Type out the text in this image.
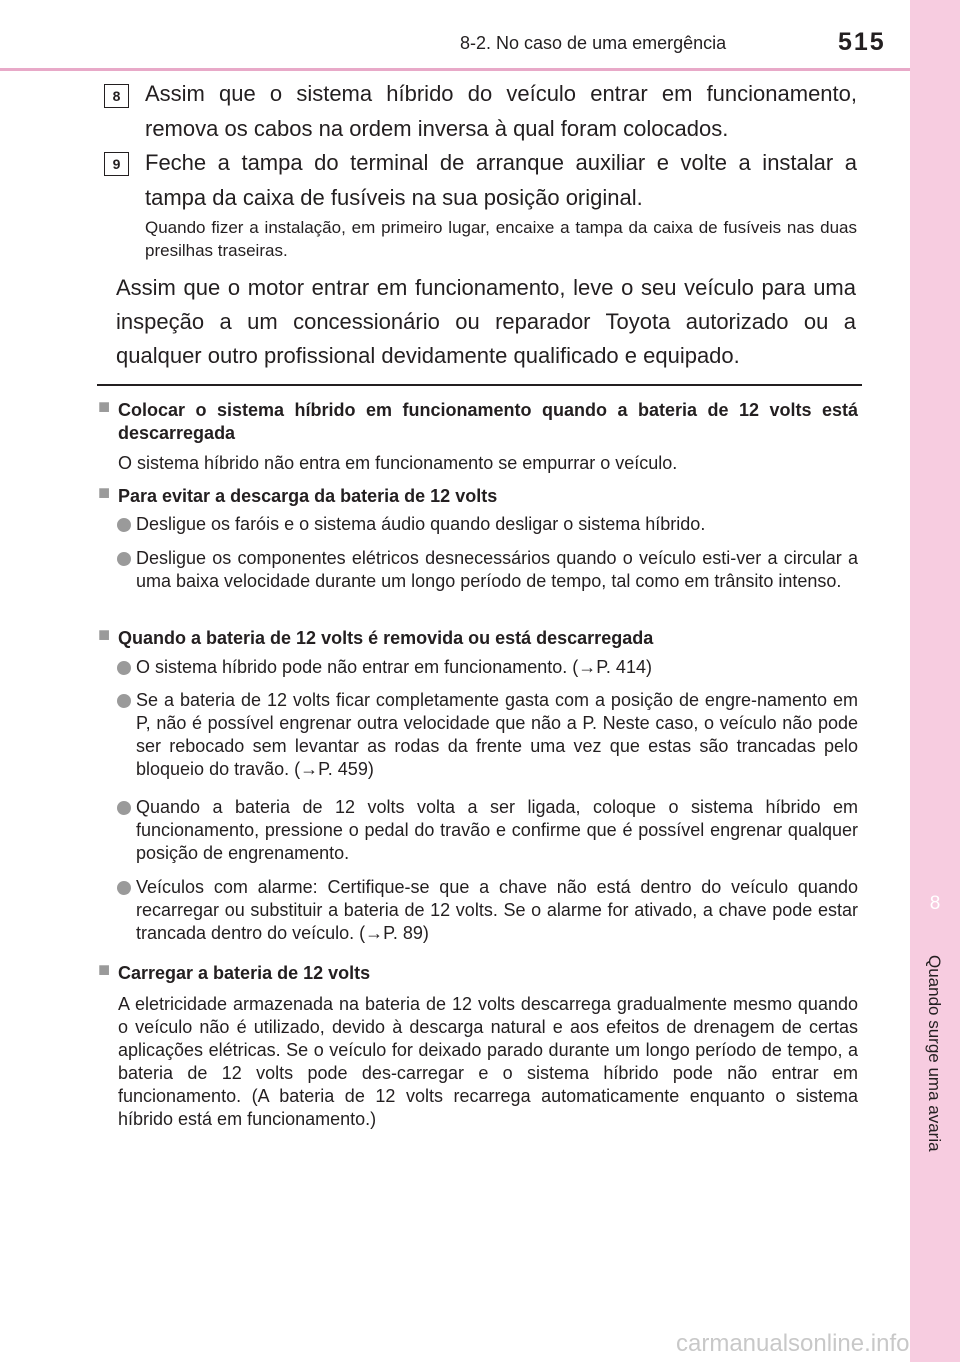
8
Quando surge uma avaria
8-2. No caso de uma emergência	515
8	Assim que o sistema híbrido do veículo entrar em funcionamento, remova os cabos na ordem inversa à qual foram colocados.
9	Feche a tampa do terminal de arranque auxiliar e volte a instalar a tampa da caixa de fusíveis na sua posição original.
Quando fizer a instalação, em primeiro lugar, encaixe a tampa da caixa de fusíveis nas duas presilhas traseiras.
Assim que o motor entrar em funcionamento, leve o seu veículo para uma inspeção a um concessionário ou reparador Toyota autorizado ou a qualquer outro profissional devidamente qualificado e equipado.
■ Colocar o sistema híbrido em funcionamento quando a bateria de 12 volts está descarregada
O sistema híbrido não entra em funcionamento se empurrar o veículo.
■ Para evitar a descarga da bateria de 12 volts
Desligue os faróis e o sistema áudio quando desligar o sistema híbrido.
Desligue os componentes elétricos desnecessários quando o veículo esti-ver a circular a uma baixa velocidade durante um longo período de tempo, tal como em trânsito intenso.
■ Quando a bateria de 12 volts é removida ou está descarregada
O sistema híbrido pode não entrar em funcionamento. (→P. 414)
Se a bateria de 12 volts ficar completamente gasta com a posição de engre-namento em P, não é possível engrenar outra velocidade que não a P. Neste caso, o veículo não pode ser rebocado sem levantar as rodas da frente uma vez que estas são trancadas pelo bloqueio do travão. (→P. 459)
Quando a bateria de 12 volts volta a ser ligada, coloque o sistema híbrido em funcionamento, pressione o pedal do travão e confirme que é possível engrenar qualquer posição de engrenamento.
Veículos com alarme: Certifique-se que a chave não está dentro do veículo quando recarregar ou substituir a bateria de 12 volts. Se o alarme for ativado, a chave pode estar trancada dentro do veículo. (→P. 89)
■ Carregar a bateria de 12 volts
A eletricidade armazenada na bateria de 12 volts descarrega gradualmente mesmo quando o veículo não é utilizado, devido à descarga natural e aos efeitos de drenagem de certas aplicações elétricas. Se o veículo for deixado parado durante um longo período de tempo, a bateria de 12 volts pode des-carregar e o sistema híbrido pode não entrar em funcionamento. (A bateria de 12 volts recarrega automaticamente enquanto o sistema híbrido está em funcionamento.)
carmanualsonline.info
